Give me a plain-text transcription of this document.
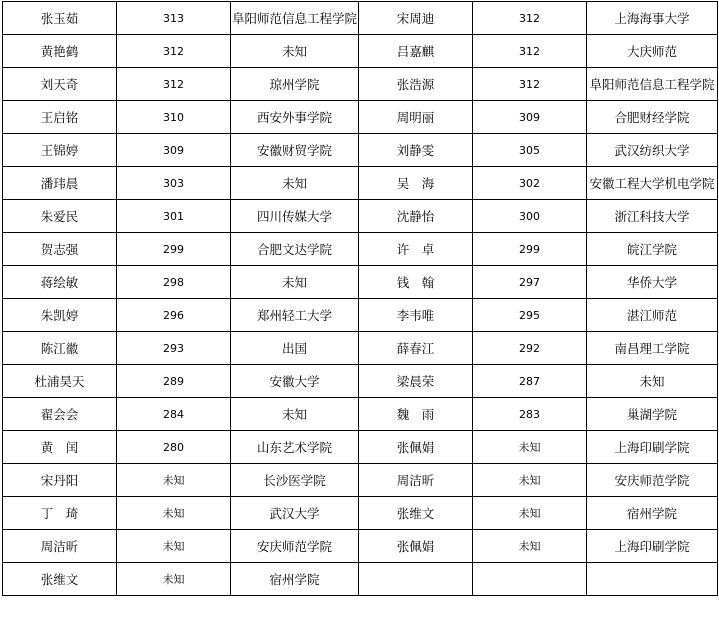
张玉茹	313	阜阳师范信息工程学院	宋周迪	312	上海海事大学
黄艳鹤	312	未知	吕嘉麒	312	大庆师范
刘天奇	312	琼州学院	张浩源	312	阜阳师范信息工程学院
王启铭	310	西安外事学院	周明丽	309	合肥财经学院
王锦婷	309	安徽财贸学院	刘静雯	305	武汉纺织大学
潘玮晨	303	未知	吴　海	302	安徽工程大学机电学院
朱爱民	301	四川传媒大学	沈静怡	300	浙江科技大学
贺志强	299	合肥文达学院	许　卓	299	皖江学院
蒋绘敏	298	未知	钱　翰	297	华侨大学
朱凯婷	296	郑州轻工大学	李韦唯	295	湛江师范
陈江徽	293	出国	薛春江	292	南昌理工学院
杜浦昊天	289	安徽大学	梁晨荣	287	未知
翟会会	284	未知	魏　雨	283	巢湖学院
黄　闰	280	山东艺术学院	张佩娟	未知	上海印刷学院
宋丹阳	未知	长沙医学院	周洁昕	未知	安庆师范学院
丁　琦	未知	武汉大学	张维文	未知	宿州学院
周洁昕	未知	安庆师范学院	张佩娟	未知	上海印刷学院
张维文	未知	宿州学院			
